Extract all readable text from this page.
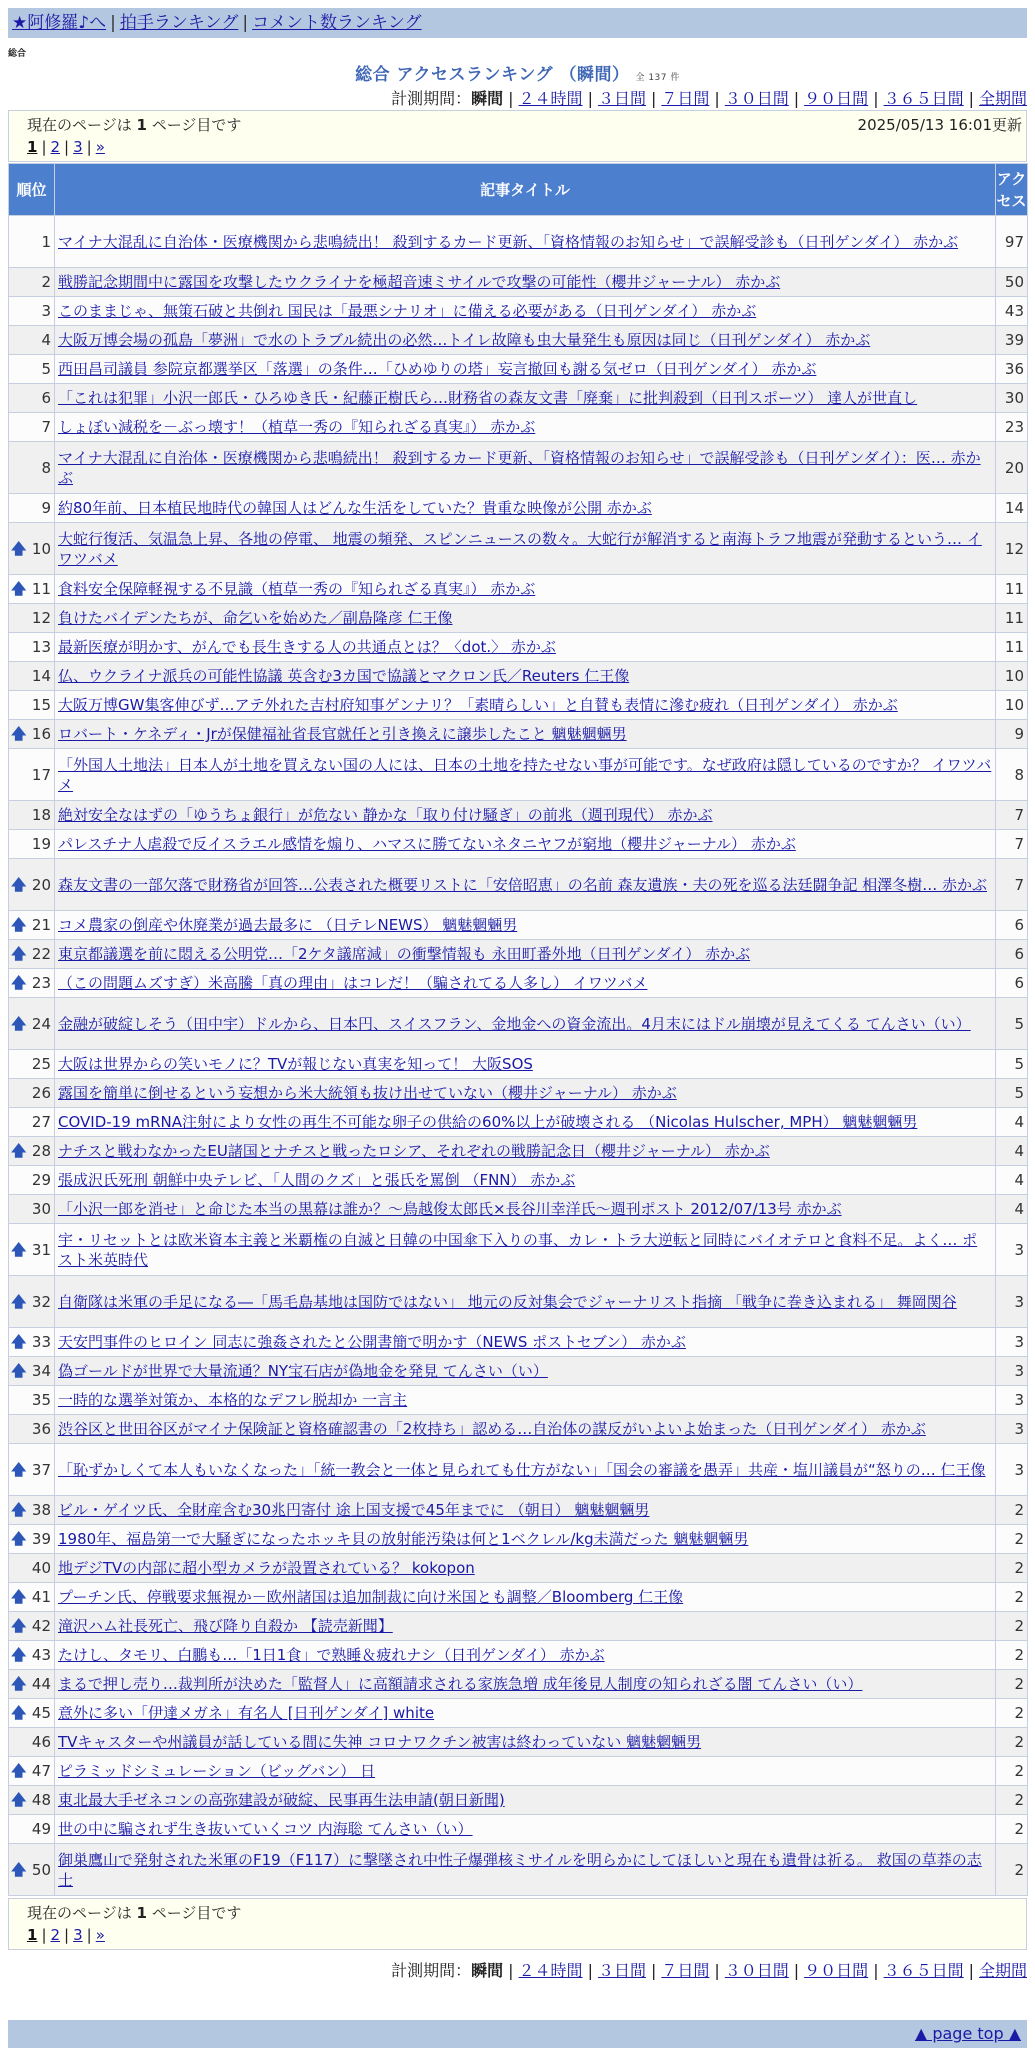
★阿修羅♪へ | 拍手ランキング | コメント数ランキング
総合
総合 アクセスランキング （瞬間） 全 137 件
計測期間：瞬間 | ２４時間 | ３日間 | ７日間 | ３０日間 | ９０日間 | ３６５日間 | 全期間
現在のページは 1 ページ目です	2025/05/13 16:01更新
1 | 2 | 3 | »
順位	記事タイトル	アクセス
1	マイナ大混乱に自治体・医療機関から悲鳴続出！ 殺到するカード更新、「資格情報のお知らせ」で誤解受診も（日刊ゲンダイ） 赤かぶ	97
2	戦勝記念期間中に露国を攻撃したウクライナを極超音速ミサイルで攻撃の可能性（櫻井ジャーナル） 赤かぶ	50
3	このままじゃ、無策石破と共倒れ 国民は「最悪シナリオ」に備える必要がある（日刊ゲンダイ） 赤かぶ	43
4	大阪万博会場の孤島「夢洲」で水のトラブル続出の必然…トイレ故障も虫大量発生も原因は同じ（日刊ゲンダイ） 赤かぶ	39
5	西田昌司議員 参院京都選挙区「落選」の条件…「ひめゆりの塔」妄言撤回も謝る気ゼロ（日刊ゲンダイ） 赤かぶ	36
6	「これは犯罪」小沢一郎氏・ひろゆき氏・紀藤正樹氏ら…財務省の森友文書「廃棄」に批判殺到（日刊スポーツ） 達人が世直し	30
7	しょぼい減税を－ぶっ壊す！（植草一秀の『知られざる真実』） 赤かぶ	23
8	マイナ大混乱に自治体・医療機関から悲鳴続出！ 殺到するカード更新、「資格情報のお知らせ」で誤解受診も（日刊ゲンダイ）：医… 赤かぶ	20
9	約80年前、日本植民地時代の韓国人はどんな生活をしていた？貴重な映像が公開 赤かぶ	14

🡅 10	大蛇行復活、気温急上昇、各地の停電、 地震の頻発、スピンニュースの数々。大蛇行が解消すると南海トラフ地震が発動するという… イワツバメ	12

🡅 11	食料安全保障軽視する不見識（植草一秀の『知られざる真実』） 赤かぶ	11
12	負けたバイデンたちが、命乞いを始めた／副島隆彦 仁王像	11
13	最新医療が明かす、がんでも長生きする人の共通点とは？〈dot.〉 赤かぶ	11
14	仏、ウクライナ派兵の可能性協議 英含む3カ国で協議とマクロン氏／Reuters 仁王像	10
15	大阪万博GW集客伸びず…アテ外れた吉村府知事ゲンナリ？「素晴らしい」と自賛も表情に滲む疲れ（日刊ゲンダイ） 赤かぶ	10

🡅 16	ロバート・ケネディ・Jrが保健福祉省長官就任と引き換えに譲歩したこと 魑魅魍魎男	9
17	「外国人土地法」日本人が土地を買えない国の人には、日本の土地を持たせない事が可能です。なぜ政府は隠しているのですか？ イワツバメ	8
18	絶対安全なはずの「ゆうちょ銀行」が危ない 静かな「取り付け騒ぎ」の前兆（週刊現代） 赤かぶ	7
19	パレスチナ人虐殺で反イスラエル感情を煽り、ハマスに勝てないネタニヤフが窮地（櫻井ジャーナル） 赤かぶ	7

🡅 20	森友文書の一部欠落で財務省が回答…公表された概要リストに「安倍昭恵」の名前 森友遺族・夫の死を巡る法廷闘争記 相澤冬樹… 赤かぶ	7

🡅 21	コメ農家の倒産や休廃業が過去最多に （日テレNEWS） 魑魅魍魎男	6

🡅 22	東京都議選を前に悶える公明党…「2ケタ議席減」の衝撃情報も 永田町番外地（日刊ゲンダイ） 赤かぶ	6

🡅 23	（この問題ムズすぎ）米高騰「真の理由」はコレだ！（騙されてる人多し） イワツバメ	6

🡅 24	金融が破綻しそう（田中宇）ドルから、日本円、スイスフラン、金地金への資金流出。4月末にはドル崩壊が見えてくる てんさい（い）	5
25	大阪は世界からの笑いモノに？TVが報じない真実を知って！ 大阪SOS	5
26	露国を簡単に倒せるという妄想から米大統領も抜け出せていない（櫻井ジャーナル） 赤かぶ	5
27	COVID-19 mRNA注射により女性の再生不可能な卵子の供給の60%以上が破壊される （Nicolas Hulscher, MPH） 魑魅魍魎男	4

🡅 28	ナチスと戦わなかったEU諸国とナチスと戦ったロシア、それぞれの戦勝記念日（櫻井ジャーナル） 赤かぶ	4
29	張成沢氏死刑 朝鮮中央テレビ、「人間のクズ」と張氏を罵倒 （FNN） 赤かぶ	4
30	「小沢一郎を消せ」と命じた本当の黒幕は誰か？～鳥越俊太郎氏×長谷川幸洋氏～週刊ポスト 2012/07/13号 赤かぶ	4

🡅 31	宇・リセットとは欧米資本主義と米覇権の自滅と日韓の中国傘下入りの事、カレ・トラ大逆転と同時にバイオテロと食料不足。よく… ポスト米英時代	3

🡅 32	自衛隊は米軍の手足になる―「馬毛島基地は国防ではない」 地元の反対集会でジャーナリスト指摘 「戦争に巻き込まれる」 舞岡関谷	3

🡅 33	天安門事件のヒロイン 同志に強姦されたと公開書簡で明かす（NEWS ポストセブン） 赤かぶ	3

🡅 34	偽ゴールドが世界で大量流通？NY宝石店が偽地金を発見 てんさい（い）	3
35	一時的な選挙対策か、本格的なデフレ脱却か 一言主	3
36	渋谷区と世田谷区がマイナ保険証と資格確認書の「2枚持ち」認める…自治体の謀反がいよいよ始まった（日刊ゲンダイ） 赤かぶ	3

🡅 37	「恥ずかしくて本人もいなくなった」「統一教会と一体と見られても仕方がない」「国会の審議を愚弄」共産・塩川議員が“怒りの… 仁王像	3

🡅 38	ビル・ゲイツ氏、全財産含む30兆円寄付 途上国支援で45年までに （朝日） 魑魅魍魎男	2

🡅 39	1980年、福島第一で大騒ぎになったホッキ貝の放射能汚染は何と1ベクレル/kg未満だった 魑魅魍魎男	2
40	地デジTVの内部に超小型カメラが設置されている？ kokopon	2

🡅 41	プーチン氏、停戦要求無視か－欧州諸国は追加制裁に向け米国とも調整／Bloomberg 仁王像	2

🡅 42	滝沢ハム社長死亡、飛び降り自殺か 【読売新聞】	2

🡅 43	たけし、タモリ、白鵬も…「1日1食」で熟睡＆疲れナシ（日刊ゲンダイ） 赤かぶ	2

🡅 44	まるで押し売り…裁判所が決めた「監督人」に高額請求される家族急増 成年後見人制度の知られざる闇 てんさい（い）	2

🡅 45	意外に多い「伊達メガネ」有名人 [日刊ゲンダイ] white	2
46	TVキャスターや州議員が話している間に失神 コロナワクチン被害は終わっていない 魑魅魍魎男	2

🡅 47	ピラミッドシミュレーション（ビッグバン） 日	2

🡅 48	東北最大手ゼネコンの高弥建設が破綻、民事再生法申請(朝日新聞)	2
49	世の中に騙されず生き抜いていくコツ 内海聡 てんさい（い）	2

🡅 50	御巣鷹山で発射された米軍のF19（F117）に撃墜され中性子爆弾核ミサイルを明らかにしてほしいと現在も遺骨は祈る。 救国の草莽の志士	2
現在のページは 1 ページ目です
1 | 2 | 3 | »
計測期間：瞬間 | ２４時間 | ３日間 | ７日間 | ３０日間 | ９０日間 | ３６５日間 | 全期間
▲ page top ▲
